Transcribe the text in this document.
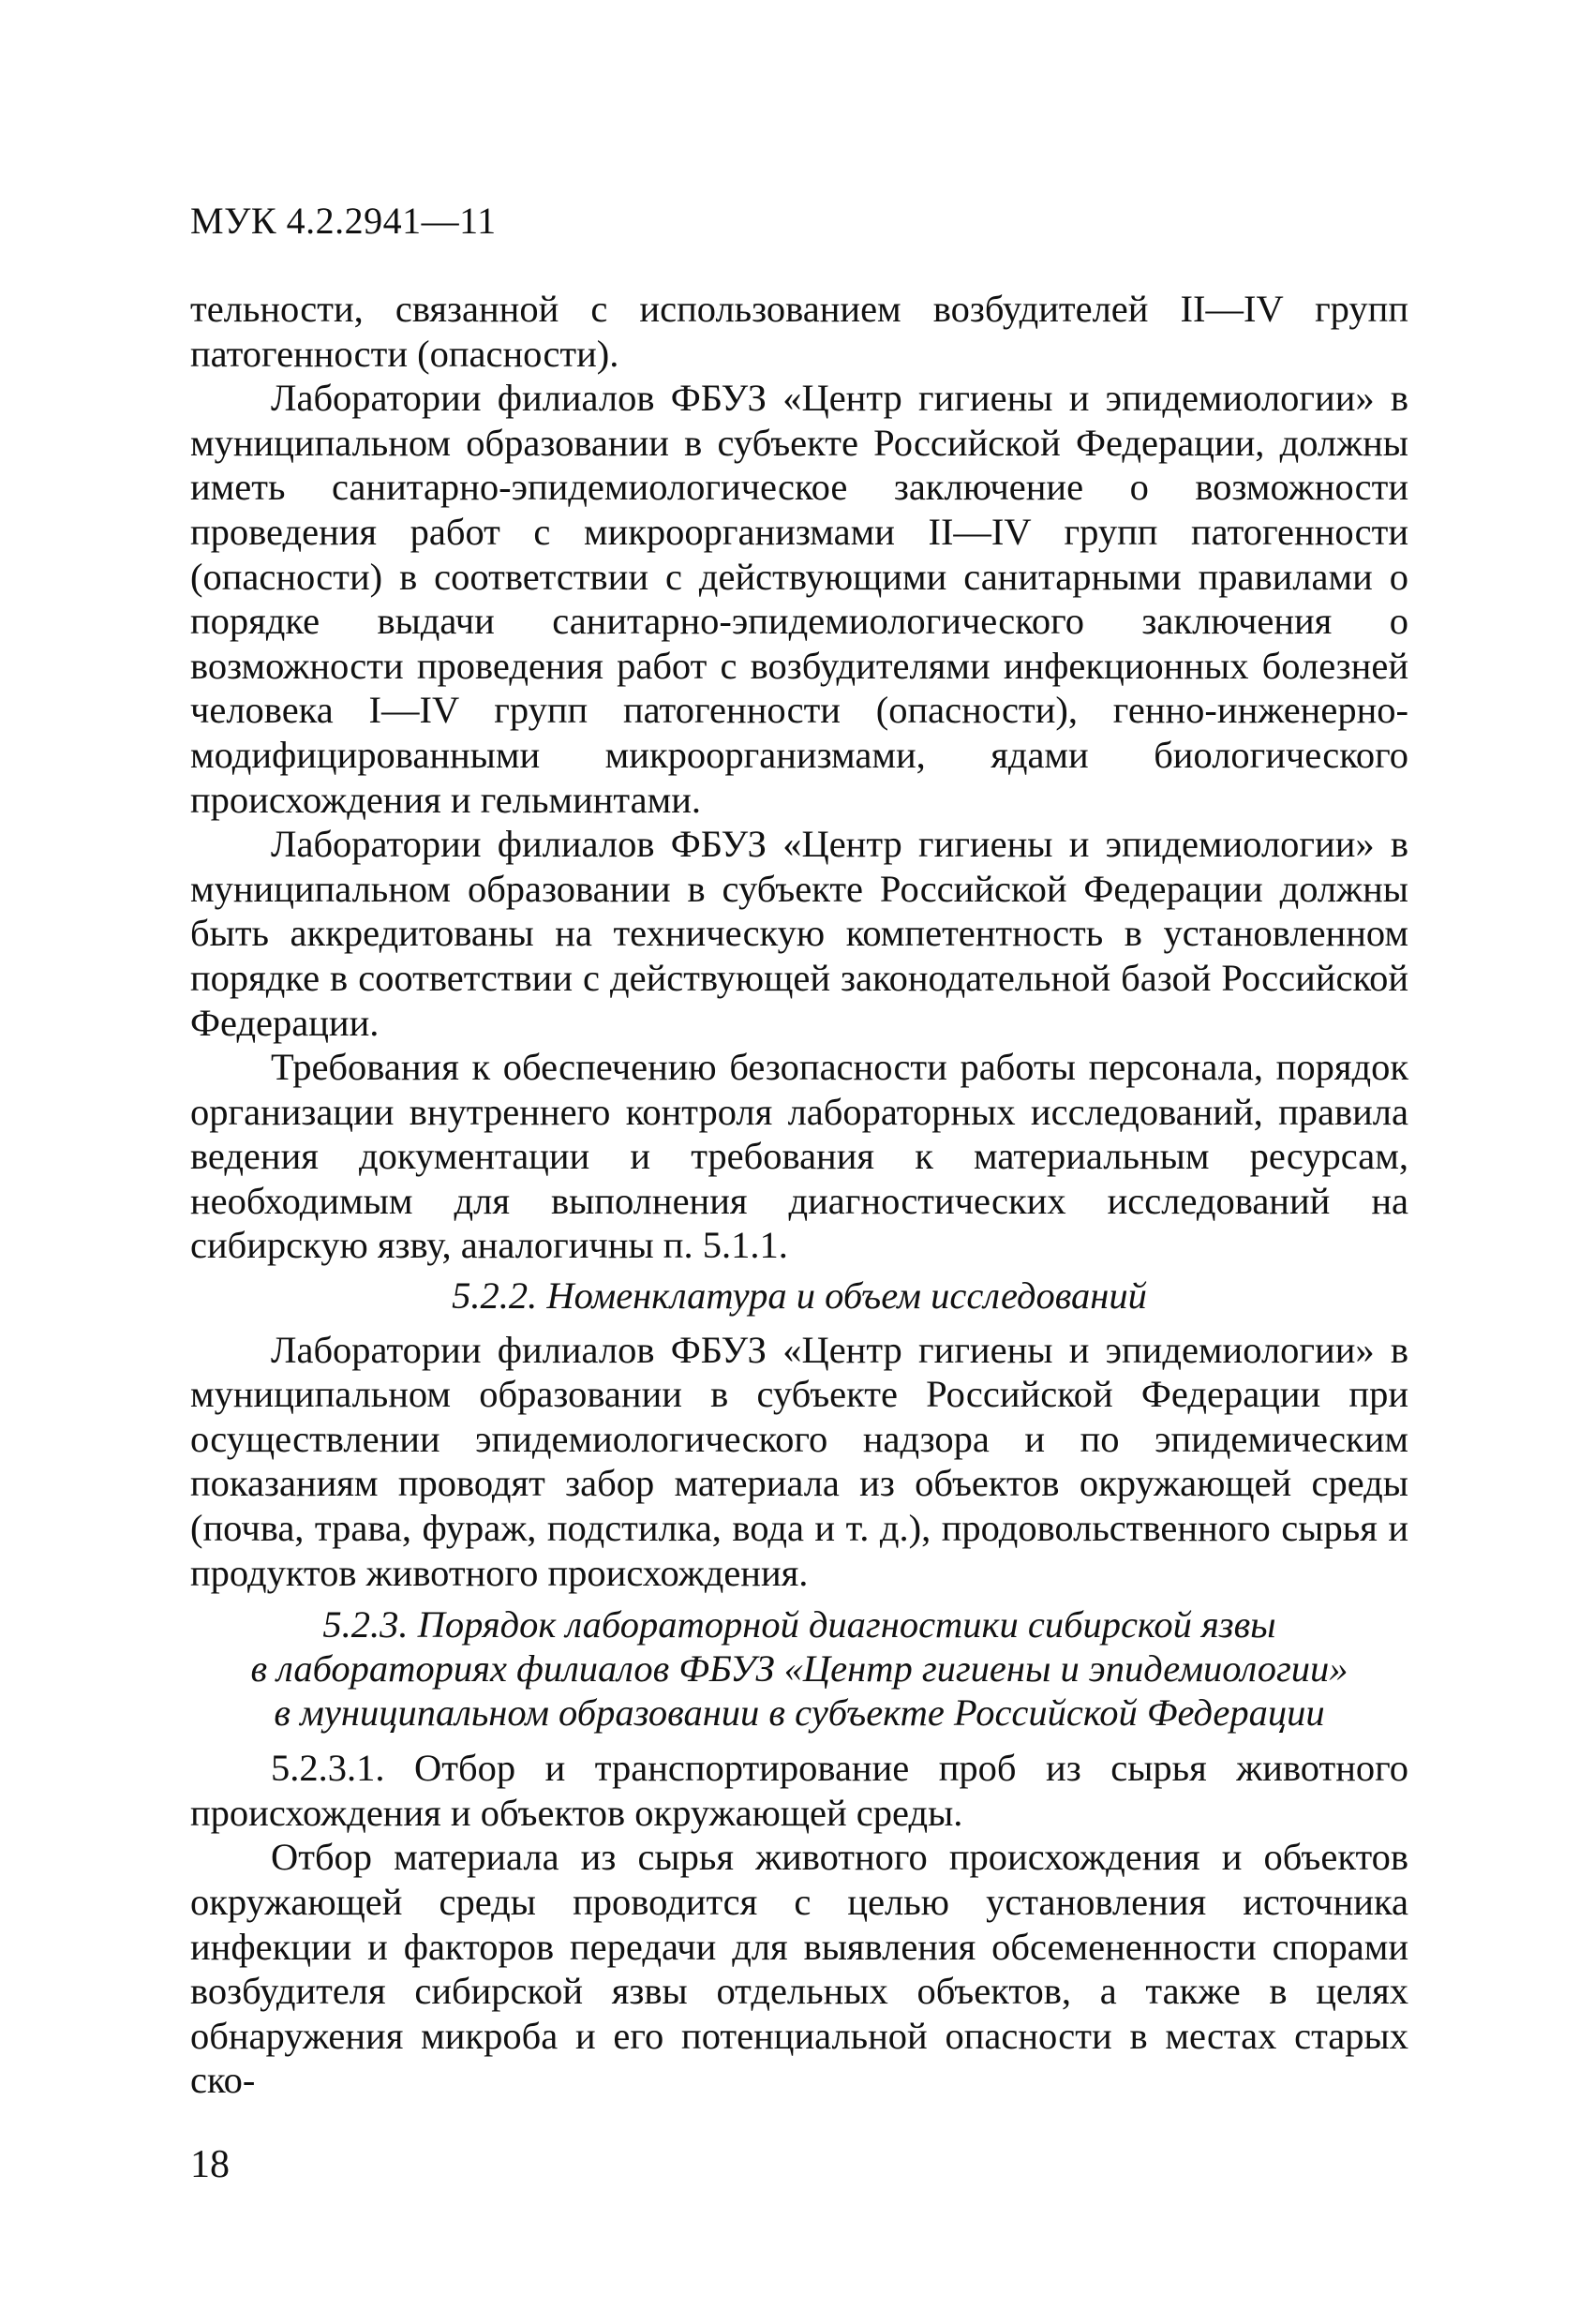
МУК 4.2.2941—11

тельности, связанной с использованием возбудителей II—IV групп патогенности (опасности).

Лаборатории филиалов ФБУЗ «Центр гигиены и эпидемиологии» в муниципальном образовании в субъекте Российской Федерации, должны иметь санитарно-эпидемиологическое заключение о возможности проведения работ с микроорганизмами II—IV групп патогенности (опасности) в соответствии с действующими санитарными правилами о порядке выдачи санитарно-эпидемиологического заключения о возможности проведения работ с возбудителями инфекционных болезней человека I—IV групп патогенности (опасности), генно-инженерно-модифицированными микроорганизмами, ядами биологического происхождения и гельминтами.

Лаборатории филиалов ФБУЗ «Центр гигиены и эпидемиологии» в муниципальном образовании в субъекте Российской Федерации должны быть аккредитованы на техническую компетентность в установленном порядке в соответствии с действующей законодательной базой Российской Федерации.

Требования к обеспечению безопасности работы персонала, порядок организации внутреннего контроля лабораторных исследований, правила ведения документации и требования к материальным ресурсам, необходимым для выполнения диагностических исследований на сибирскую язву, аналогичны п. 5.1.1.

5.2.2. Номенклатура и объем исследований

Лаборатории филиалов ФБУЗ «Центр гигиены и эпидемиологии» в муниципальном образовании в субъекте Российской Федерации при осуществлении эпидемиологического надзора и по эпидемическим показаниям проводят забор материала из объектов окружающей среды (почва, трава, фураж, подстилка, вода и т. д.), продовольственного сырья и продуктов животного происхождения.

5.2.3. Порядок лабораторной диагностики сибирской язвы
в лабораториях филиалов ФБУЗ «Центр гигиены и эпидемиологии»
в муниципальном образовании в субъекте Российской Федерации

5.2.3.1. Отбор и транспортирование проб из сырья животного происхождения и объектов окружающей среды.

Отбор материала из сырья животного происхождения и объектов окружающей среды проводится с целью установления источника инфекции и факторов передачи для выявления обсемененности спорами возбудителя сибирской язвы отдельных объектов, а также в целях обнаружения микроба и его потенциальной опасности в местах старых ско-

18
